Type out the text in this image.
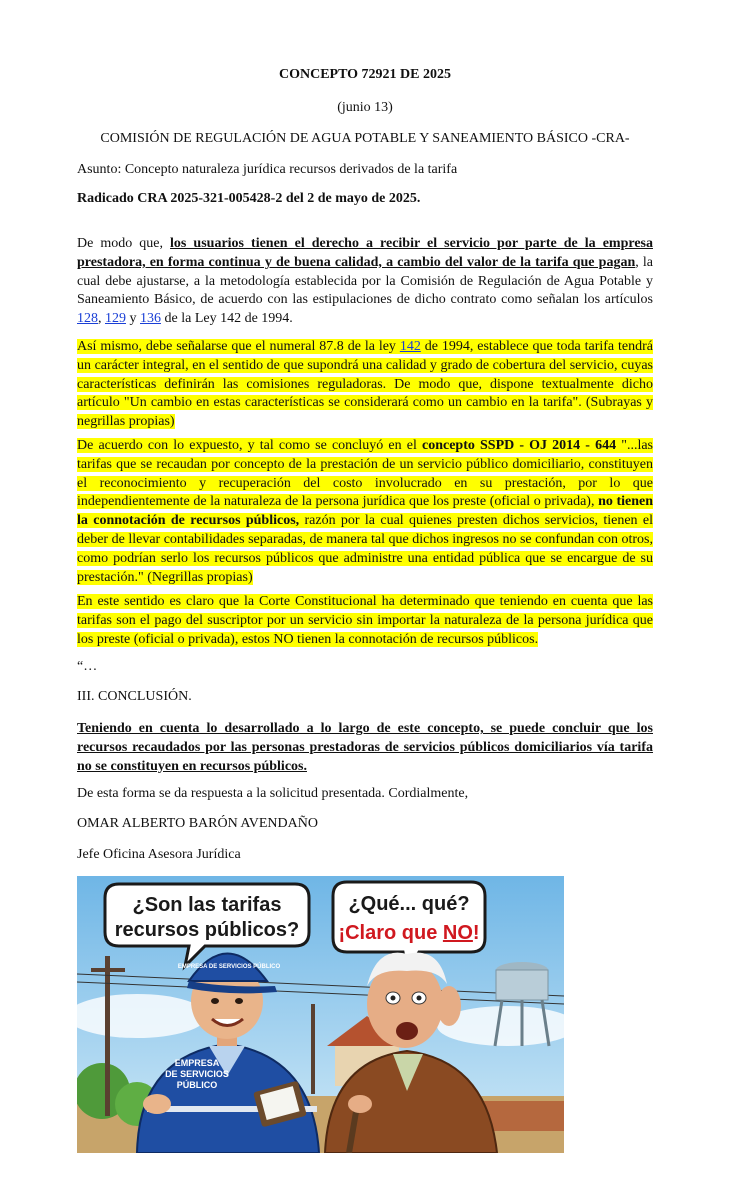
CONCEPTO 72921 DE 2025
(junio 13)
COMISIÓN DE REGULACIÓN DE AGUA POTABLE Y SANEAMIENTO BÁSICO -CRA-
Asunto: Concepto naturaleza jurídica recursos derivados de la tarifa
Radicado CRA 2025-321-005428-2 del 2 de mayo de 2025.
De modo que, los usuarios tienen el derecho a recibir el servicio por parte de la empresa prestadora, en forma continua y de buena calidad, a cambio del valor de la tarifa que pagan, la cual debe ajustarse, a la metodología establecida por la Comisión de Regulación de Agua Potable y Saneamiento Básico, de acuerdo con las estipulaciones de dicho contrato como señalan los artículos 128, 129 y 136 de la Ley 142 de 1994.
Así mismo, debe señalarse que el numeral 87.8 de la ley 142 de 1994, establece que toda tarifa tendrá un carácter integral, en el sentido de que supondrá una calidad y grado de cobertura del servicio, cuyas características definirán las comisiones reguladoras. De modo que, dispone textualmente dicho artículo "Un cambio en estas características se considerará como un cambio en la tarifa". (Subrayas y negrillas propias)
De acuerdo con lo expuesto, y tal como se concluyó en el concepto SSPD - OJ 2014 - 644 "...las tarifas que se recaudan por concepto de la prestación de un servicio público domiciliario, constituyen el reconocimiento y recuperación del costo involucrado en su prestación, por lo que independientemente de la naturaleza de la persona jurídica que los preste (oficial o privada), no tienen la connotación de recursos públicos, razón por la cual quienes presten dichos servicios, tienen el deber de llevar contabilidades separadas, de manera tal que dichos ingresos no se confundan con otros, como podrían serlo los recursos públicos que administre una entidad pública que se encargue de su prestación." (Negrillas propias)
En este sentido es claro que la Corte Constitucional ha determinado que teniendo en cuenta que las tarifas son el pago del suscriptor por un servicio sin importar la naturaleza de la persona jurídica que los preste (oficial o privada), estos NO tienen la connotación de recursos públicos.
“…
III. CONCLUSIÓN.
Teniendo en cuenta lo desarrollado a lo largo de este concepto, se puede concluir que los recursos recaudados por las personas prestadoras de servicios públicos domiciliarios vía tarifa no se constituyen en recursos públicos.
De esta forma se da respuesta a la solicitud presentada. Cordialmente,
OMAR ALBERTO BARÓN AVENDAÑO
Jefe Oficina Asesora Jurídica
¿Son las tarifas
recursos públicos?
¿Qué... qué?
¡Claro que NO!
EMPRESA DE SERVICIOS PÚBLICO
EMPRESA
DE SERVICIOS
PÚBLICO
